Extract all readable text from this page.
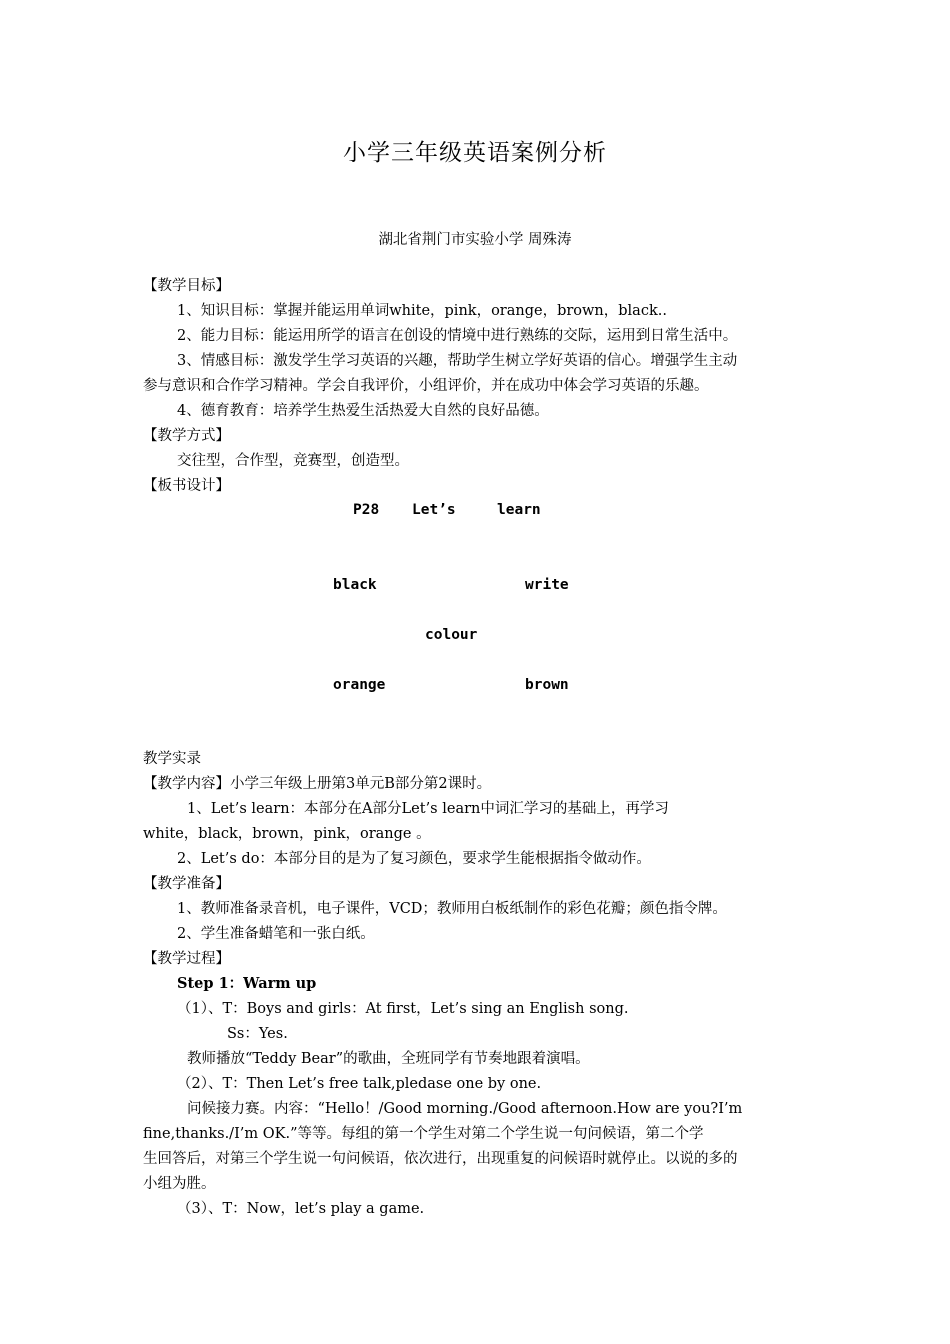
小学三年级英语案例分析
湖北省荆门市实验小学 周殊涛
【教学目标】
1、知识目标：掌握并能运用单词white，pink，orange，brown，black..
2、能力目标：能运用所学的语言在创设的情境中进行熟练的交际，运用到日常生活中。
3、情感目标：激发学生学习英语的兴趣，帮助学生树立学好英语的信心。增强学生主动
参与意识和合作学习精神。学会自我评价，小组评价，并在成功中体会学习英语的乐趣。
4、德育教育：培养学生热爱生活热爱大自然的良好品德。
【教学方式】
交往型，合作型，竞赛型，创造型。
【板书设计】
P28 Let’s	learn
black	write
colour
orange	brown
教学实录
【教学内容】小学三年级上册第3单元B部分第2课时。
1、Let’s learn：本部分在A部分Let’s learn中词汇学习的基础上，再学习
white，black，brown，pink，orange 。
2、Let’s do：本部分目的是为了复习颜色，要求学生能根据指令做动作。
【教学准备】
1、教师准备录音机，电子课件，VCD；教师用白板纸制作的彩色花瓣；颜色指令牌。
2、学生准备蜡笔和一张白纸。
【教学过程】
Step 1：Warm up
（1）、T：Boys and girls：At first，Let’s sing an English song.
Ss：Yes.
教师播放“Teddy Bear”的歌曲，全班同学有节奏地跟着演唱。
（2）、T：Then Let’s free talk,pledase one by one.
问候接力赛。内容：“Hello！/Good morning./Good afternoon.How are you?I’m
fine,thanks./I’m OK.”等等。每组的第一个学生对第二个学生说一句问候语，第二个学
生回答后，对第三个学生说一句问候语，依次进行，出现重复的问候语时就停止。以说的多的
小组为胜。
（3）、T：Now，let’s play a game.
